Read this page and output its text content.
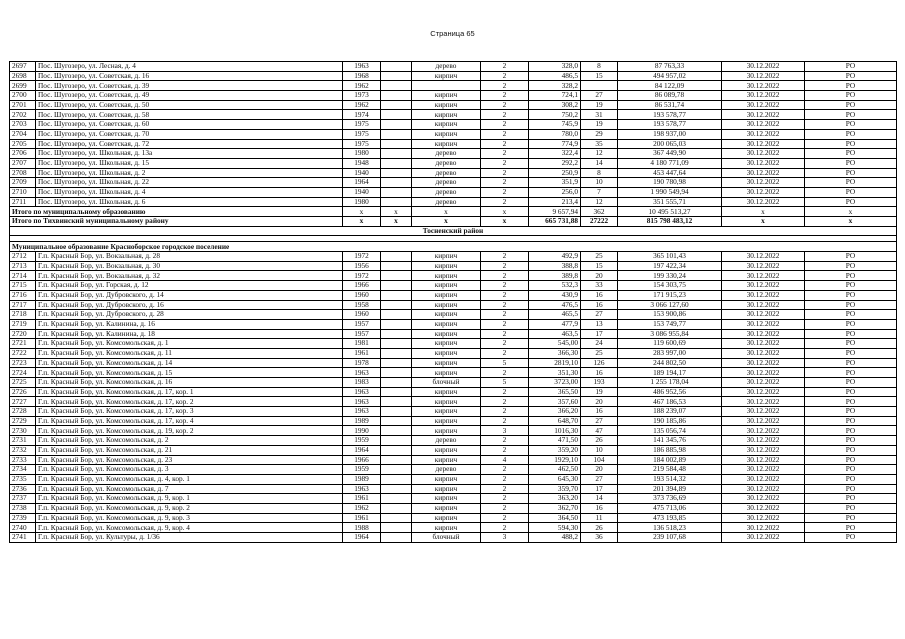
Страница 65
2697	Пос. Шугозеро, ул. Лесная, д. 4	1963		дерево	2	328,0	8	87 763,33	30.12.2022	РО
2698	Пос. Шугозеро, ул. Советская, д. 16	1968		кирпич	2	486,5	15	494 957,02	30.12.2022	РО
2699	Пос. Шугозеро, ул. Советская, д. 39	1962			2	328,2		84 122,09	30.12.2022	РО
2700	Пос. Шугозеро, ул. Советская, д. 49	1973		кирпич	2	724,1	27	86 089,78	30.12.2022	РО
2701	Пос. Шугозеро, ул. Советская, д. 50	1962		кирпич	2	308,2	19	86 531,74	30.12.2022	РО
2702	Пос. Шугозеро, ул. Советская, д. 58	1974		кирпич	2	750,2	31	193 578,77	30.12.2022	РО
2703	Пос. Шугозеро, ул. Советская, д. 60	1975		кирпич	2	745,9	19	193 578,77	30.12.2022	РО
2704	Пос. Шугозеро, ул. Советская, д. 70	1975		кирпич	2	780,0	29	198 937,00	30.12.2022	РО
2705	Пос. Шугозеро, ул. Советская, д. 72	1975		кирпич	2	774,9	35	200 065,03	30.12.2022	РО
2706	Пос. Шугозеро, ул. Школьная, д. 13а	1980		дерево	2	322,4	12	367 449,90	30.12.2022	РО
2707	Пос. Шугозеро, ул. Школьная, д. 15	1948		дерево	2	292,2	14	4 180 771,09	30.12.2022	РО
2708	Пос. Шугозеро, ул. Школьная, д. 2	1940		дерево	2	250,9	8	453 447,64	30.12.2022	РО
2709	Пос. Шугозеро, ул. Школьная, д. 22	1964		дерево	2	351,9	10	190 780,98	30.12.2022	РО
2710	Пос. Шугозеро, ул. Школьная, д. 4	1940		дерево	2	256,0	7	1 990 549,94	30.12.2022	РО
2711	Пос. Шугозеро, ул. Школьная, д. 6	1980		дерево	2	213,4	12	351 555,71	30.12.2022	РО
Итого по муниципальному образованию		x	x	x	x	9 657,94	362	10 495 513,27	x	x
Итого по Тихвинский муниципальному району		x	x	x	x	665 731,88	27222	815 798 483,12	x	x
Тосненский район										

Муниципальное образование Красноборское городское поселение										
2712	Г.п. Красный Бор, ул. Вокзальная, д. 28	1972		кирпич	2	492,9	25	365 101,43	30.12.2022	РО
2713	Г.п. Красный Бор, ул. Вокзальная, д. 30	1956		кирпич	2	388,8	15	197 422,34	30.12.2022	РО
2714	Г.п. Красный Бор, ул. Вокзальная, д. 32	1972		кирпич	2	389,8	20	199 330,24	30.12.2022	РО
2715	Г.п. Красный Бор, ул. Горская, д. 12	1966		кирпич	2	532,3	33	154 303,75	30.12.2022	РО
2716	Г.п. Красный Бор, ул. Дубровского, д. 14	1960		кирпич	2	430,9	16	171 915,23	30.12.2022	РО
2717	Г.п. Красный Бор, ул. Дубровского, д. 16	1958		кирпич	2	476,5	16	3 066 127,60	30.12.2022	РО
2718	Г.п. Красный Бор, ул. Дубровского, д. 28	1960		кирпич	2	465,5	27	153 900,86	30.12.2022	РО
2719	Г.п. Красный Бор, ул. Калинина, д. 16	1957		кирпич	2	477,9	13	153 749,77	30.12.2022	РО
2720	Г.п. Красный Бор, ул. Калинина, д. 18	1957		кирпич	2	463,5	17	3 086 955,84	30.12.2022	РО
2721	Г.п. Красный Бор, ул. Комсомольская, д. 1	1981		кирпич	2	545,00	24	119 600,69	30.12.2022	РО
2722	Г.п. Красный Бор, ул. Комсомольская, д. 11	1961		кирпич	2	366,30	25	283 997,00	30.12.2022	РО
2723	Г.п. Красный Бор, ул. Комсомольская, д. 14	1978		кирпич	5	2819,10	126	244 802,50	30.12.2022	РО
2724	Г.п. Красный Бор, ул. Комсомольская, д. 15	1963		кирпич	2	351,30	16	189 194,17	30.12.2022	РО
2725	Г.п. Красный Бор, ул. Комсомольская, д. 16	1983		блочный	5	3723,00	193	1 255 178,04	30.12.2022	РО
2726	Г.п. Красный Бор, ул. Комсомольская, д. 17, кор. 1	1963		кирпич	2	365,50	19	486 952,56	30.12.2022	РО
2727	Г.п. Красный Бор, ул. Комсомольская, д. 17, кор. 2	1963		кирпич	2	357,60	20	467 186,53	30.12.2022	РО
2728	Г.п. Красный Бор, ул. Комсомольская, д. 17, кор. 3	1963		кирпич	2	366,20	16	188 239,07	30.12.2022	РО
2729	Г.п. Красный Бор, ул. Комсомольская, д. 17, кор. 4	1989		кирпич	2	648,70	27	190 185,86	30.12.2022	РО
2730	Г.п. Красный Бор, ул. Комсомольская, д. 19, кор. 2	1990		кирпич	3	1016,30	47	135 056,74	30.12.2022	РО
2731	Г.п. Красный Бор, ул. Комсомольская, д. 2	1959		дерево	2	471,50	26	141 345,76	30.12.2022	РО
2732	Г.п. Красный Бор, ул. Комсомольская, д. 21	1964		кирпич	2	359,20	10	186 885,98	30.12.2022	РО
2733	Г.п. Красный Бор, ул. Комсомольская, д. 23	1966		кирпич	4	1929,10	104	184 002,89	30.12.2022	РО
2734	Г.п. Красный Бор, ул. Комсомольская, д. 3	1959		дерево	2	462,50	20	219 584,48	30.12.2022	РО
2735	Г.п. Красный Бор, ул. Комсомольская, д. 4, кор. 1	1989		кирпич	2	645,30	27	193 514,32	30.12.2022	РО
2736	Г.п. Красный Бор, ул. Комсомольская, д. 7	1963		кирпич	2	359,70	17	201 394,89	30.12.2022	РО
2737	Г.п. Красный Бор, ул. Комсомольская, д. 9, кор. 1	1961		кирпич	2	363,20	14	373 736,69	30.12.2022	РО
2738	Г.п. Красный Бор, ул. Комсомольская, д. 9, кор. 2	1962		кирпич	2	362,70	16	475 713,06	30.12.2022	РО
2739	Г.п. Красный Бор, ул. Комсомольская, д. 9, кор. 3	1961		кирпич	2	364,50	11	473 193,85	30.12.2022	РО
2740	Г.п. Красный Бор, ул. Комсомольская, д. 9, кор. 4	1988		кирпич	2	594,30	26	136 518,23	30.12.2022	РО
2741	Г.п. Красный Бор, ул. Культуры, д. 1/36	1964		блочный	3	488,2	36	239 107,68	30.12.2022	РО
